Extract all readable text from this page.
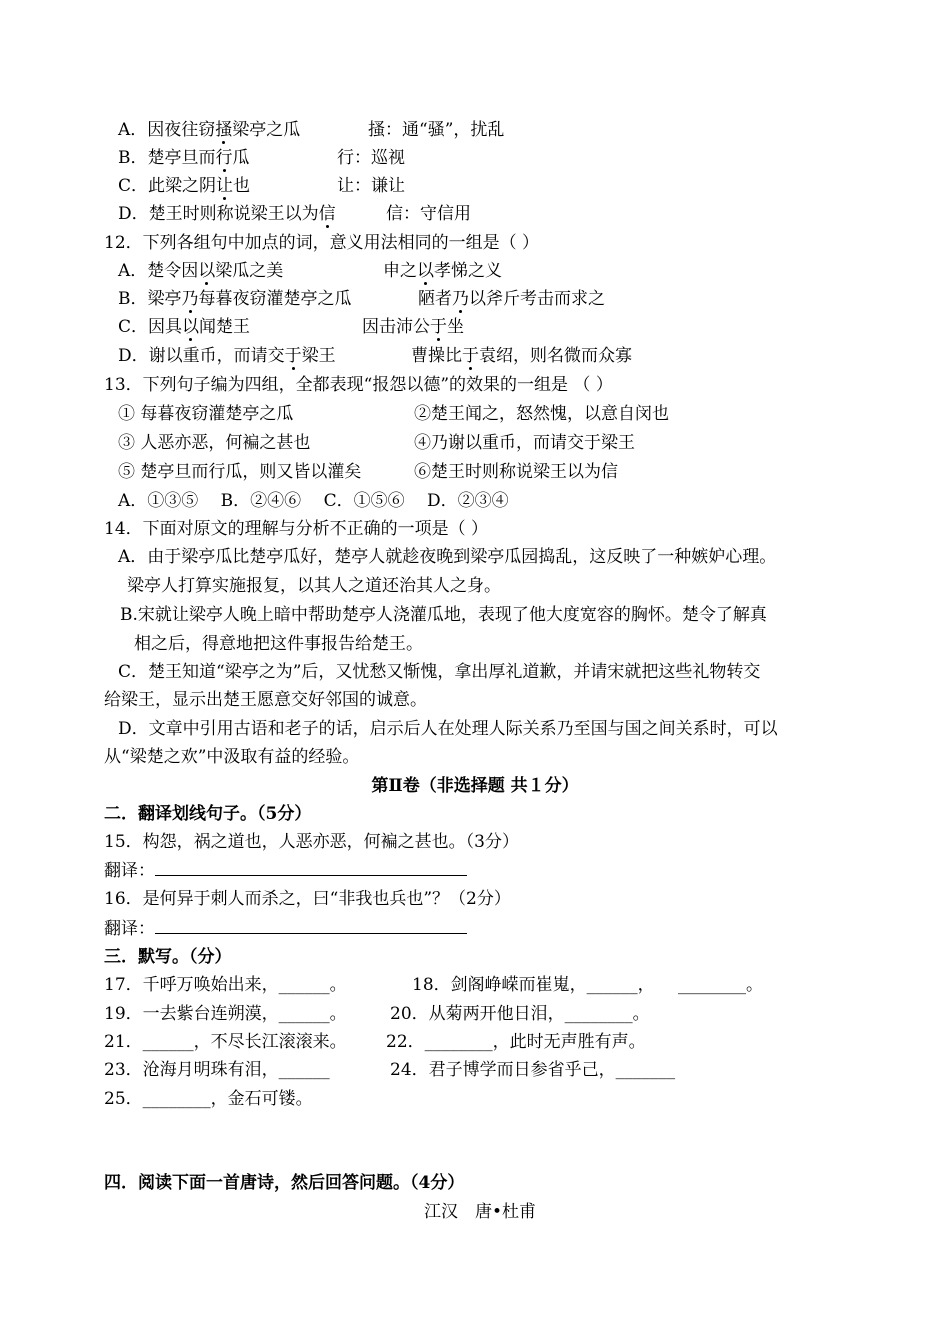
A．因夜往窃搔梁亭之瓜	搔：通“骚”，扰乱
B．楚亭旦而行瓜	行：巡视
C．此梁之阴让也	让：谦让
D．楚王时则称说梁王以为信	信：守信用
12．下列各组句中加点的词，意义用法相同的一组是（ ）
A．楚令因以梁瓜之美	申之以孝悌之义
B．梁亭乃每暮夜窃灌楚亭之瓜	陋者乃以斧斤考击而求之
C．因具以闻楚王	因击沛公于坐
D．谢以重币，而请交于梁王	曹操比于袁绍，则名微而众寡
13．下列句子编为四组，全都表现“报怨以德”的效果的一组是 （ ）
① 每暮夜窃灌楚亭之瓜	②楚王闻之，怒然愧，以意自闵也
③ 人恶亦恶，何褊之甚也	④乃谢以重币，而请交于梁王
⑤ 楚亭旦而行瓜，则又皆以灌矣	⑥楚王时则称说梁王以为信
A．①③⑤　 B．②④⑥　 C．①⑤⑥　 D．②③④
14．下面对原文的理解与分析不正确的一项是（ ）
A．由于梁亭瓜比楚亭瓜好，楚亭人就趁夜晚到梁亭瓜园捣乱，这反映了一种嫉妒心理。
梁亭人打算实施报复，以其人之道还治其人之身。
B.宋就让梁亭人晚上暗中帮助楚亭人浇灌瓜地，表现了他大度宽容的胸怀。楚令了解真
相之后，得意地把这件事报告给楚王。
C．楚王知道“梁亭之为”后，又忧愁又惭愧，拿出厚礼道歉，并请宋就把这些礼物转交
给梁王，显示出楚王愿意交好邻国的诚意。
D．文章中引用古语和老子的话，启示后人在处理人际关系乃至国与国之间关系时，可以
从“梁楚之欢”中汲取有益的经验。
第Ⅱ卷（非选择题 共１分）
二．翻译划线句子。（5分）
15．构怨，祸之道也，人恶亦恶，何褊之甚也。（3分）
翻译：
16．是何异于刺人而杀之，曰“非我也兵也”？（2分）
翻译：
三．默写。（分）
17．千呼万唤始出来，______。	18．剑阁峥嵘而崔嵬，______， ________。
19．一去紫台连朔漠，______。	20．从菊两开他日泪，________。
21．______，不尽长江滚滚来。 22．________，此时无声胜有声。
23．沧海月明珠有泪，______	24．君子博学而日参省乎己，_______
25．________，金石可镂。
四．阅读下面一首唐诗，然后回答问题。（4分）
江汉　唐•杜甫
